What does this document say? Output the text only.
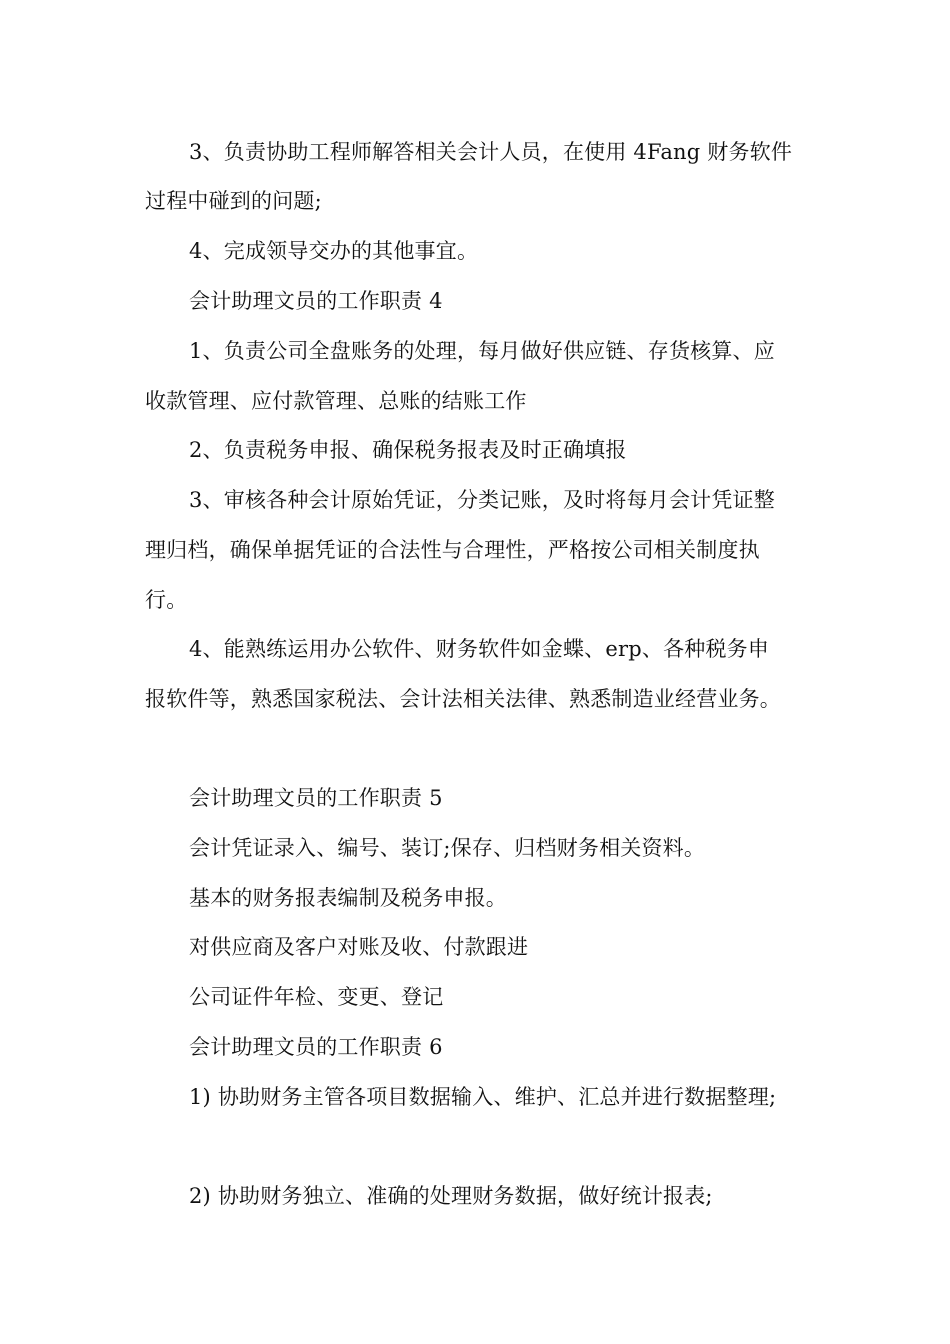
3、负责协助工程师解答相关会计人员，在使用 4Fang 财务软件
过程中碰到的问题;
4、完成领导交办的其他事宜。
会计助理文员的工作职责 4
1、负责公司全盘账务的处理，每月做好供应链、存货核算、应
收款管理、应付款管理、总账的结账工作
2、负责税务申报、确保税务报表及时正确填报
3、审核各种会计原始凭证，分类记账，及时将每月会计凭证整
理归档，确保单据凭证的合法性与合理性，严格按公司相关制度执
行。
4、能熟练运用办公软件、财务软件如金蝶、erp、各种税务申
报软件等，熟悉国家税法、会计法相关法律、熟悉制造业经营业务。
会计助理文员的工作职责 5
会计凭证录入、编号、装订;保存、归档财务相关资料。
基本的财务报表编制及税务申报。
对供应商及客户对账及收、付款跟进
公司证件年检、变更、登记
会计助理文员的工作职责 6
1) 协助财务主管各项目数据输入、维护、汇总并进行数据整理;
2) 协助财务独立、准确的处理财务数据，做好统计报表;
